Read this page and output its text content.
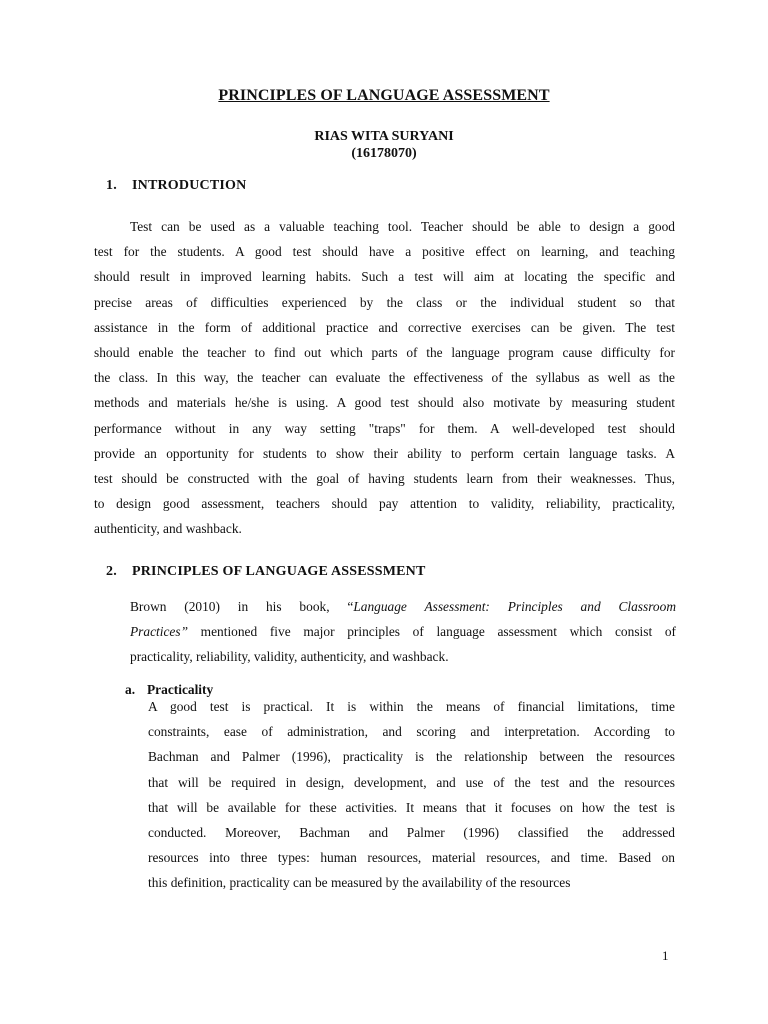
PRINCIPLES OF LANGUAGE ASSESSMENT
RIAS WITA SURYANI
(16178070)
1. INTRODUCTION
Test can be used as a valuable teaching tool. Teacher should be able to design a good
test for the students. A good test should have a positive effect on learning, and teaching
should result in improved learning habits. Such a test will aim at locating the specific and
precise areas of difficulties experienced by the class or the individual student so that
assistance in the form of additional practice and corrective exercises can be given. The test
should enable the teacher to find out which parts of the language program cause difficulty for
the class. In this way, the teacher can evaluate the effectiveness of the syllabus as well as the
methods and materials he/she is using. A good test should also motivate by measuring student
performance without in any way setting "traps" for them. A well-developed test should
provide an opportunity for students to show their ability to perform certain language tasks. A
test should be constructed with the goal of having students learn from their weaknesses. Thus,
to design good assessment, teachers should pay attention to validity, reliability, practicality,
authenticity, and washback.
2. PRINCIPLES OF LANGUAGE ASSESSMENT
Brown (2010) in his book, “Language Assessment: Principles and Classroom
Practices” mentioned five major principles of language assessment which consist of
practicality, reliability, validity, authenticity, and washback.
a. Practicality
A good test is practical. It is within the means of financial limitations, time
constraints, ease of administration, and scoring and interpretation. According to
Bachman and Palmer (1996), practicality is the relationship between the resources
that will be required in design, development, and use of the test and the resources
that will be available for these activities. It means that it focuses on how the test is
conducted. Moreover, Bachman and Palmer (1996) classified the addressed
resources into three types: human resources, material resources, and time. Based on
this definition, practicality can be measured by the availability of the resources
1
